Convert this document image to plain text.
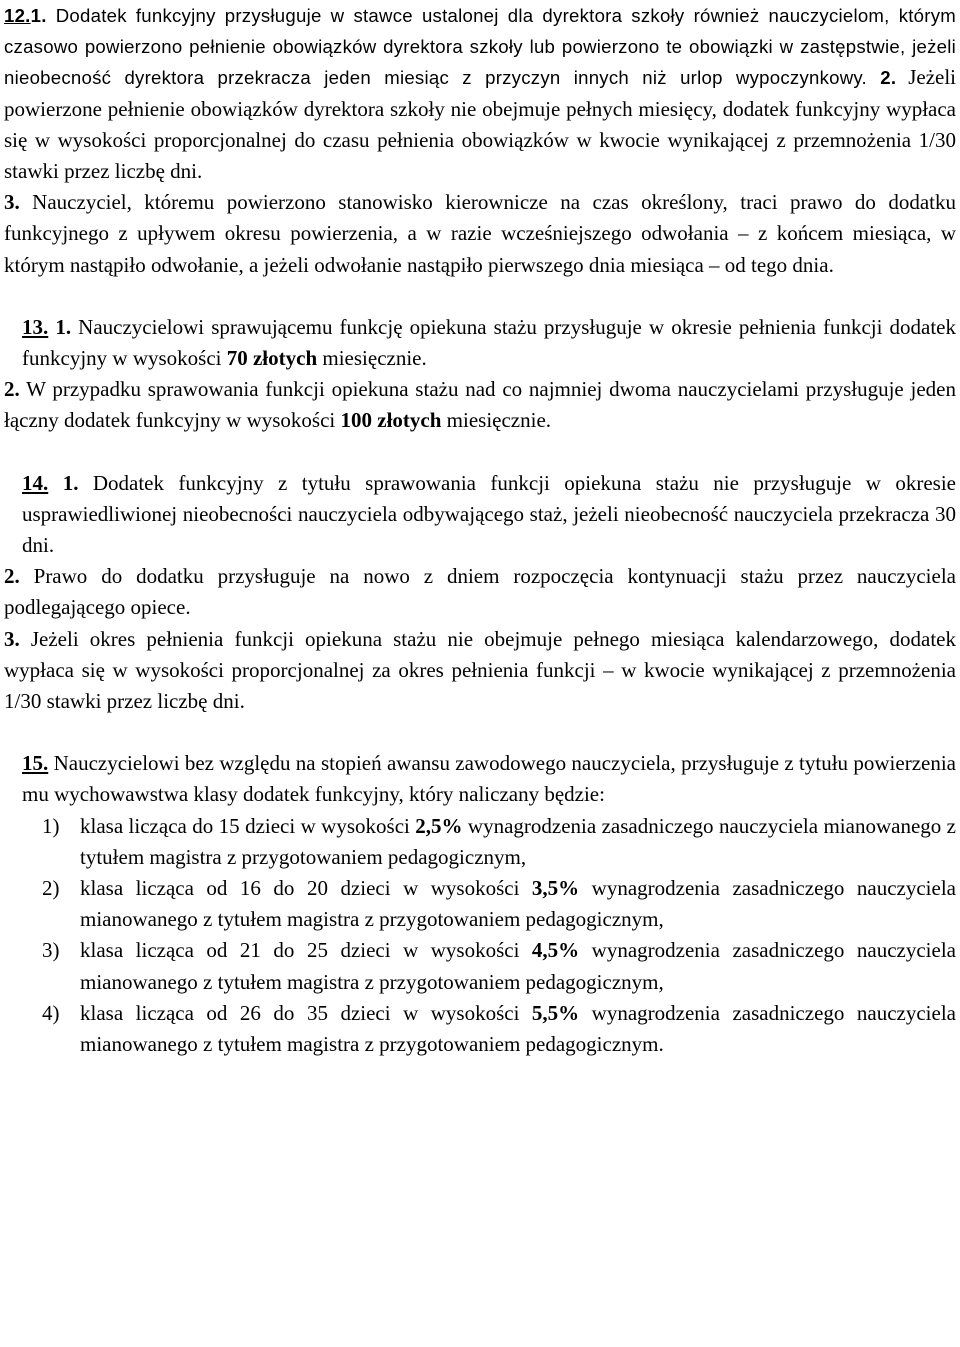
12.1. Dodatek funkcyjny przysługuje w stawce ustalonej dla dyrektora szkoły również nauczycielom, którym czasowo powierzono pełnienie obowiązków dyrektora szkoły lub powierzono te obowiązki w zastępstwie, jeżeli nieobecność dyrektora przekracza jeden miesiąc z przyczyn innych niż urlop wypoczynkowy. 2. Jeżeli powierzone pełnienie obowiązków dyrektora szkoły nie obejmuje pełnych miesięcy, dodatek funkcyjny wypłaca się w wysokości proporcjonalnej do czasu pełnienia obowiązków w kwocie wynikającej z przemnożenia 1/30 stawki przez liczbę dni.

3. Nauczyciel, któremu powierzono stanowisko kierownicze na czas określony, traci prawo do dodatku funkcyjnego z upływem okresu powierzenia, a w razie wcześniejszego odwołania – z końcem miesiąca, w którym nastąpiło odwołanie, a jeżeli odwołanie nastąpiło pierwszego dnia miesiąca – od tego dnia.

13. 1. Nauczycielowi sprawującemu funkcję opiekuna stażu przysługuje w okresie pełnienia funkcji dodatek funkcyjny w wysokości 70 złotych miesięcznie.

2. W przypadku sprawowania funkcji opiekuna stażu nad co najmniej dwoma nauczycielami przysługuje jeden łączny dodatek funkcyjny w wysokości 100 złotych miesięcznie.

14. 1. Dodatek funkcyjny z tytułu sprawowania funkcji opiekuna stażu nie przysługuje w okresie usprawiedliwionej nieobecności nauczyciela odbywającego staż, jeżeli nieobecność nauczyciela przekracza 30 dni.

2. Prawo do dodatku przysługuje na nowo z dniem rozpoczęcia kontynuacji stażu przez nauczyciela podlegającego opiece.

3. Jeżeli okres pełnienia funkcji opiekuna stażu nie obejmuje pełnego miesiąca kalendarzowego, dodatek wypłaca się w wysokości proporcjonalnej za okres pełnienia funkcji – w kwocie wynikającej z przemnożenia 1/30 stawki przez liczbę dni.

15. Nauczycielowi bez względu na stopień awansu zawodowego nauczyciela, przysługuje z tytułu powierzenia mu wychowawstwa klasy dodatek funkcyjny, który naliczany będzie:

1) klasa licząca do 15 dzieci w wysokości 2,5% wynagrodzenia zasadniczego nauczyciela mianowanego z tytułem magistra z przygotowaniem pedagogicznym,
2) klasa licząca od 16 do 20 dzieci w wysokości 3,5% wynagrodzenia zasadniczego nauczyciela mianowanego z tytułem magistra z przygotowaniem pedagogicznym,
3) klasa licząca od 21 do 25 dzieci w wysokości 4,5% wynagrodzenia zasadniczego nauczyciela mianowanego z tytułem magistra z przygotowaniem pedagogicznym,
4) klasa licząca od 26 do 35 dzieci w wysokości 5,5% wynagrodzenia zasadniczego nauczyciela mianowanego z tytułem magistra z przygotowaniem pedagogicznym.
